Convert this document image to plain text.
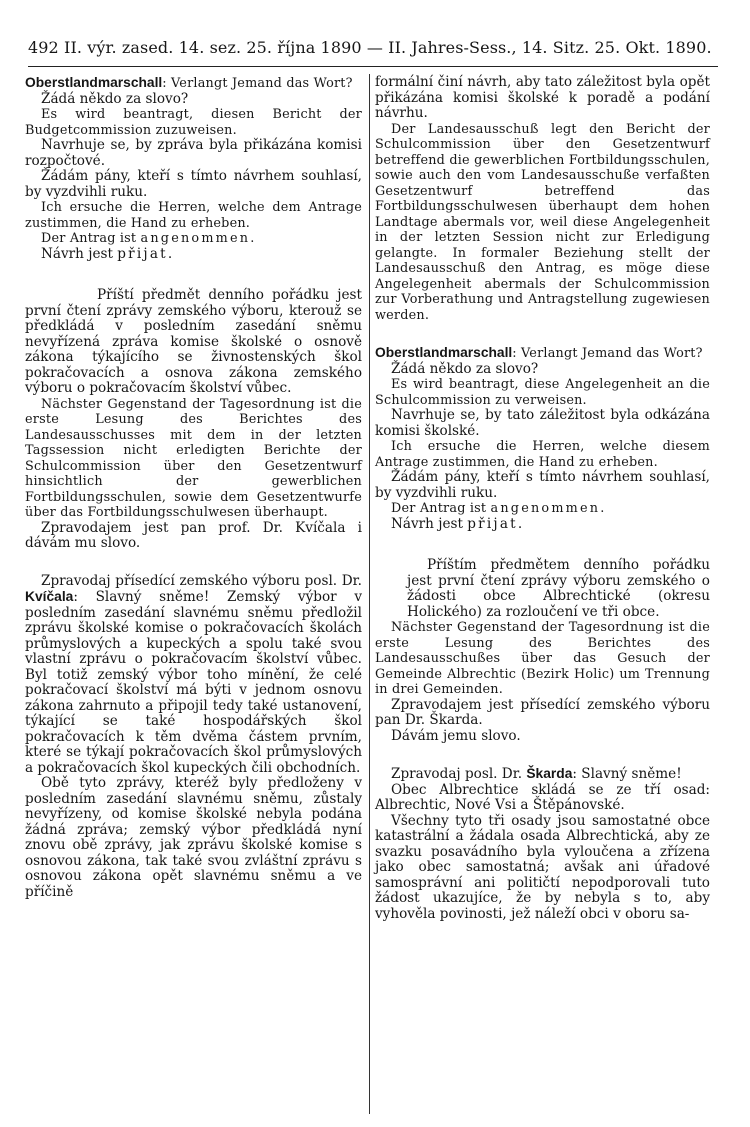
492 II. výr. zased. 14. sez. 25. října 1890 — II. Jahres-Sess., 14. Sitz. 25. Okt. 1890.

Oberstlandmarschall: Verlangt Jemand das Wort?

Žádá někdo za slovo?

Es wird beantragt, diesen Bericht der Budgetcommission zuzuweisen.

Navrhuje se, by zpráva byla přikázána komisi rozpočtové.

Žádám pány, kteří s tímto návrhem souhlasí, by vyzdvihli ruku.

Ich ersuche die Herren, welche dem Antrage zustimmen, die Hand zu erheben.

Der Antrag ist angenommen.

Návrh jest přijat.

Příští předmět denního pořádku jest první čtení zprávy zemského výboru, kterouž se předkládá v posledním zasedání sněmu nevyřízená zpráva komise školské o osnově zákona týkajícího se živnostenských škol pokračovacích a osnova zákona zemského výboru o pokračovacím školství vůbec.

Nächster Gegenstand der Tagesordnung ist die erste Lesung des Berichtes des Landesausschusses mit dem in der letzten Tagssession nicht erledigten Berichte der Schulcommission über den Gesetzentwurf hinsichtlich der gewerblichen Fortbildungsschulen, sowie dem Gesetzentwurfe über das Fortbildungsschulwesen überhaupt.

Zpravodajem jest pan prof. Dr. Kvíčala i dávám mu slovo.

Zpravodaj přísedící zemského výboru posl. Dr. Kvíčala: Slavný sněme! Zemský výbor v posledním zasedání slavnému sněmu předložil zprávu školské komise o pokračovacích školách průmyslových a kupeckých a spolu také svou vlastní zprávu o pokračovacím školství vůbec. Byl totiž zemský výbor toho mínění, že celé pokračovací školství má býti v jednom osnovu zákona zahrnuto a připojil tedy také ustanovení, týkající se také hospodářských škol pokračovacích k těm dvěma částem prvním, které se týkají pokračovacích škol průmyslových a pokračovacích škol kupeckých čili obchodních.

Obě tyto zprávy, kteréž byly předloženy v posledním zasedání slavnému sněmu, zůstaly nevyřízeny, od komise školské nebyla podána žádná zpráva; zemský výbor předkládá nyní znovu obě zprávy, jak zprávu školské komise s osnovou zákona, tak také svou zvláštní zprávu s osnovou zákona opět slavnému sněmu a ve příčině

formální činí návrh, aby tato záležitost byla opět přikázána komisi školské k poradě a podání návrhu.

Der Landesausschuß legt den Bericht der Schulcommission über den Gesetzentwurf betreffend die gewerblichen Fortbildungsschulen, sowie auch den vom Landesausschuße verfaßten Gesetzentwurf betreffend das Fortbildungsschulwesen überhaupt dem hohen Landtage abermals vor, weil diese Angelegenheit in der letzten Session nicht zur Erledigung gelangte. In formaler Beziehung stellt der Landesausschuß den Antrag, es möge diese Angelegenheit abermals der Schulcommission zur Vorberathung und Antragstellung zugewiesen werden.

Oberstlandmarschall: Verlangt Jemand das Wort?

Žádá někdo za slovo?

Es wird beantragt, diese Angelegenheit an die Schulcommission zu verweisen.

Navrhuje se, by tato záležitost byla odkázána komisi školské.

Ich ersuche die Herren, welche diesem Antrage zustimmen, die Hand zu erheben.

Žádám pány, kteří s tímto návrhem souhlasí, by vyzdvihli ruku.

Der Antrag ist angenommen.

Návrh jest přijat.

Příštím předmětem denního pořádku jest první čtení zprávy výboru zemského o žádosti obce Albrechtické (okresu Holického) za rozloučení ve tři obce.

Nächster Gegenstand der Tagesordnung ist die erste Lesung des Berichtes des Landesausschußes über das Gesuch der Gemeinde Albrechtic (Bezirk Holic) um Trennung in drei Gemeinden.

Zpravodajem jest přísedící zemského výboru pan Dr. Škarda.

Dávám jemu slovo.

Zpravodaj posl. Dr. Škarda: Slavný sněme!

Obec Albrechtice skládá se ze tří osad: Albrechtic, Nové Vsi a Štěpánovské.

Všechny tyto tři osady jsou samostatné obce katastrální a žádala osada Albrechtická, aby ze svazku posavádního byla vyloučena a zřízena jako obec samostatná; avšak ani úřadové samosprávní ani političtí nepodporovali tuto žádost ukazujíce, že by nebyla s to, aby vyhověla povinosti, jež náleží obci v oboru sa-
